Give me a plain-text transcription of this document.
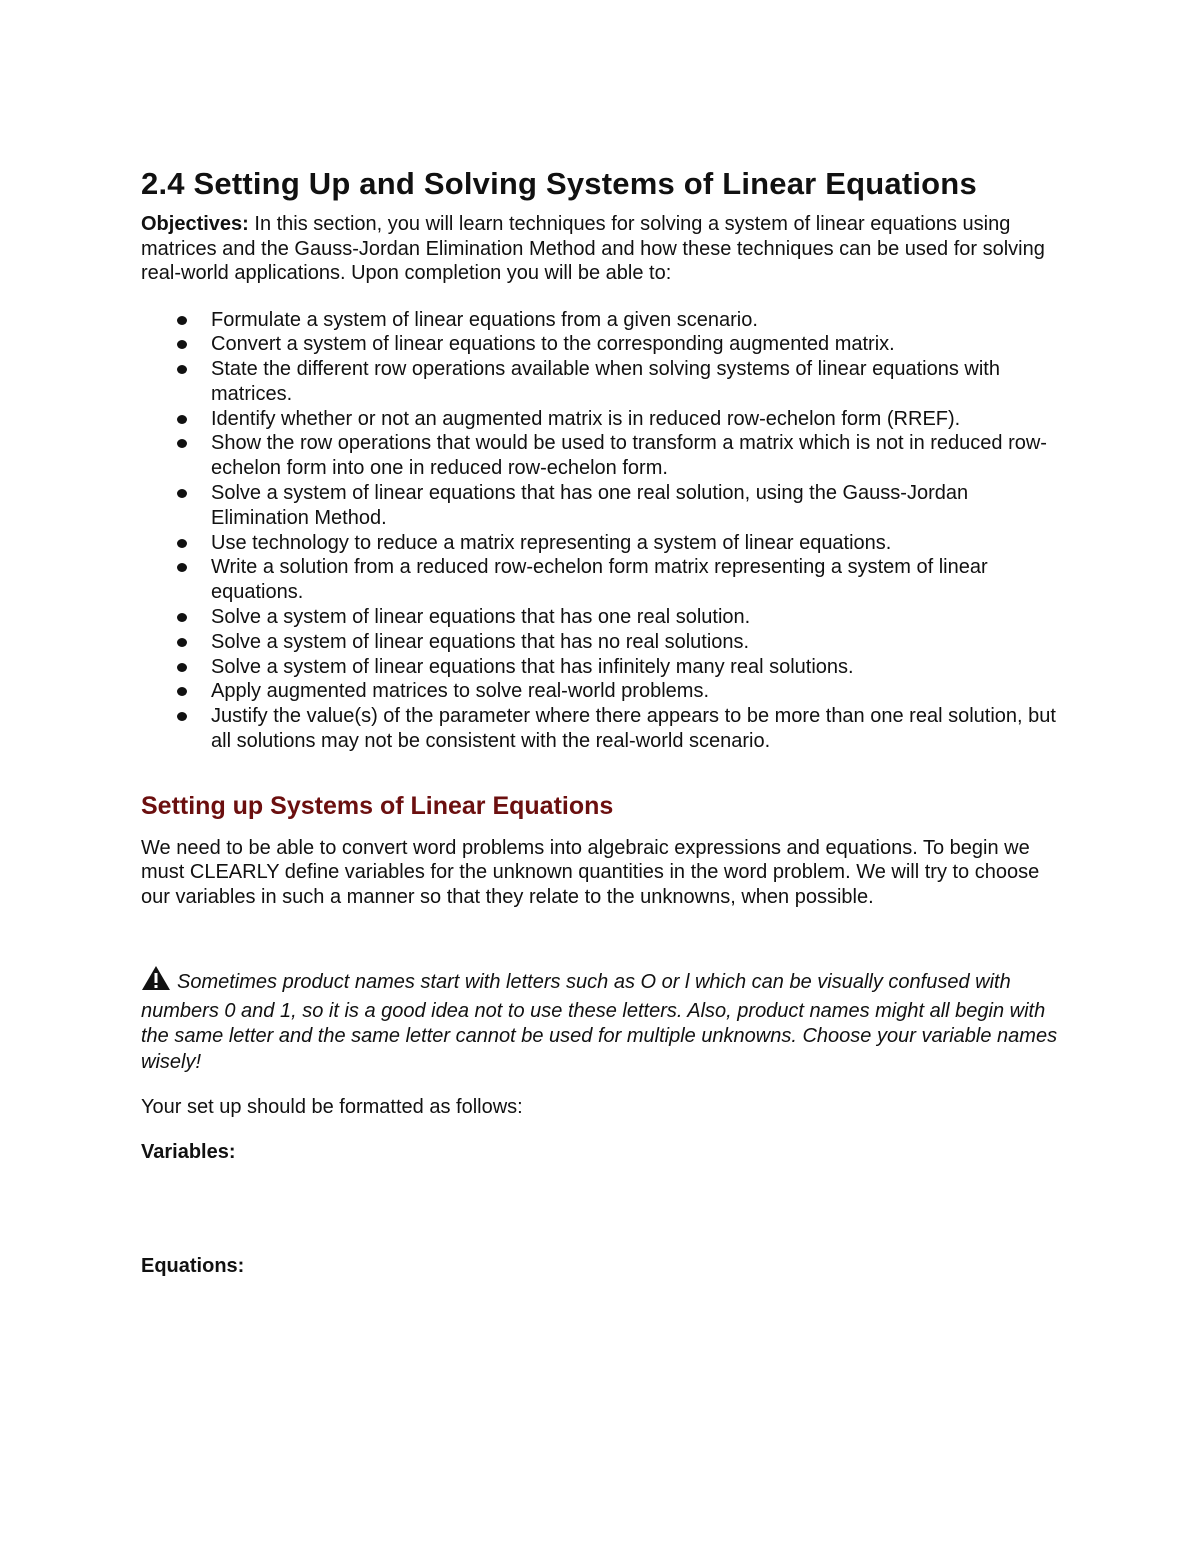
2.4 Setting Up and Solving Systems of Linear Equations

Objectives: In this section, you will learn techniques for solving a system of linear equations using matrices and the Gauss-Jordan Elimination Method and how these techniques can be used for solving real-world applications. Upon completion you will be able to:

Formulate a system of linear equations from a given scenario.
Convert a system of linear equations to the corresponding augmented matrix.
State the different row operations available when solving systems of linear equations with matrices.
Identify whether or not an augmented matrix is in reduced row-echelon form (RREF).
Show the row operations that would be used to transform a matrix which is not in reduced row-echelon form into one in reduced row-echelon form.
Solve a system of linear equations that has one real solution, using the Gauss-Jordan Elimination Method.
Use technology to reduce a matrix representing a system of linear equations.
Write a solution from a reduced row-echelon form matrix representing a system of linear equations.
Solve a system of linear equations that has one real solution.
Solve a system of linear equations that has no real solutions.
Solve a system of linear equations that has infinitely many real solutions.
Apply augmented matrices to solve real-world problems.
Justify the value(s) of the parameter where there appears to be more than one real solution, but all solutions may not be consistent with the real-world scenario.
Setting up Systems of Linear Equations

We need to be able to convert word problems into algebraic expressions and equations. To begin we must CLEARLY define variables for the unknown quantities in the word problem. We will try to choose our variables in such a manner so that they relate to the unknowns, when possible.

Sometimes product names start with letters such as O or l which can be visually confused with numbers 0 and 1, so it is a good idea not to use these letters. Also, product names might all begin with the same letter and the same letter cannot be used for multiple unknowns. Choose your variable names wisely!

Your set up should be formatted as follows:

Variables:

Equations:
